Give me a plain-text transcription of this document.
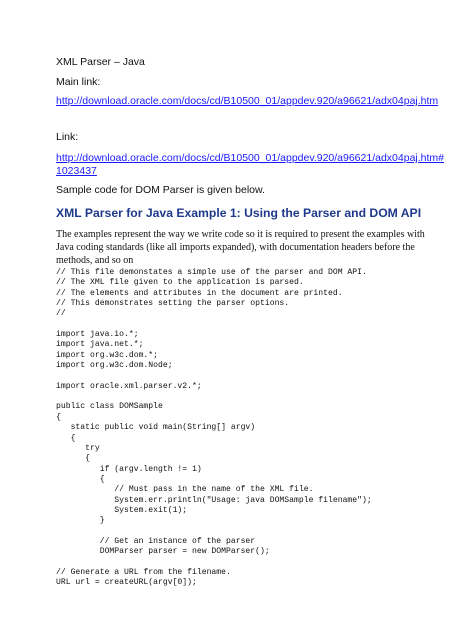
XML Parser – Java
Main link:
http://download.oracle.com/docs/cd/B10500_01/appdev.920/a96621/adx04paj.htm
Link:
http://download.oracle.com/docs/cd/B10500_01/appdev.920/a96621/adx04paj.htm#
1023437
Sample code for DOM Parser is given below.
XML Parser for Java Example 1: Using the Parser and DOM API
The examples represent the way we write code so it is required to present the examples with Java coding standards (like all imports expanded), with documentation headers before the methods, and so on
// This file demonstates a simple use of the parser and DOM API.
// The XML file given to the application is parsed.
// The elements and attributes in the document are printed.
// This demonstrates setting the parser options.
//
import java.io.*;
import java.net.*;
import org.w3c.dom.*;
import org.w3c.dom.Node;
import oracle.xml.parser.v2.*;
public class DOMSample
{
static public void main(String[] argv)
{
try
{
if (argv.length != 1)
{
// Must pass in the name of the XML file.
System.err.println("Usage: java DOMSample filename");
System.exit(1);
}
// Get an instance of the parser
DOMParser parser = new DOMParser();
// Generate a URL from the filename.
URL url = createURL(argv[0]);
